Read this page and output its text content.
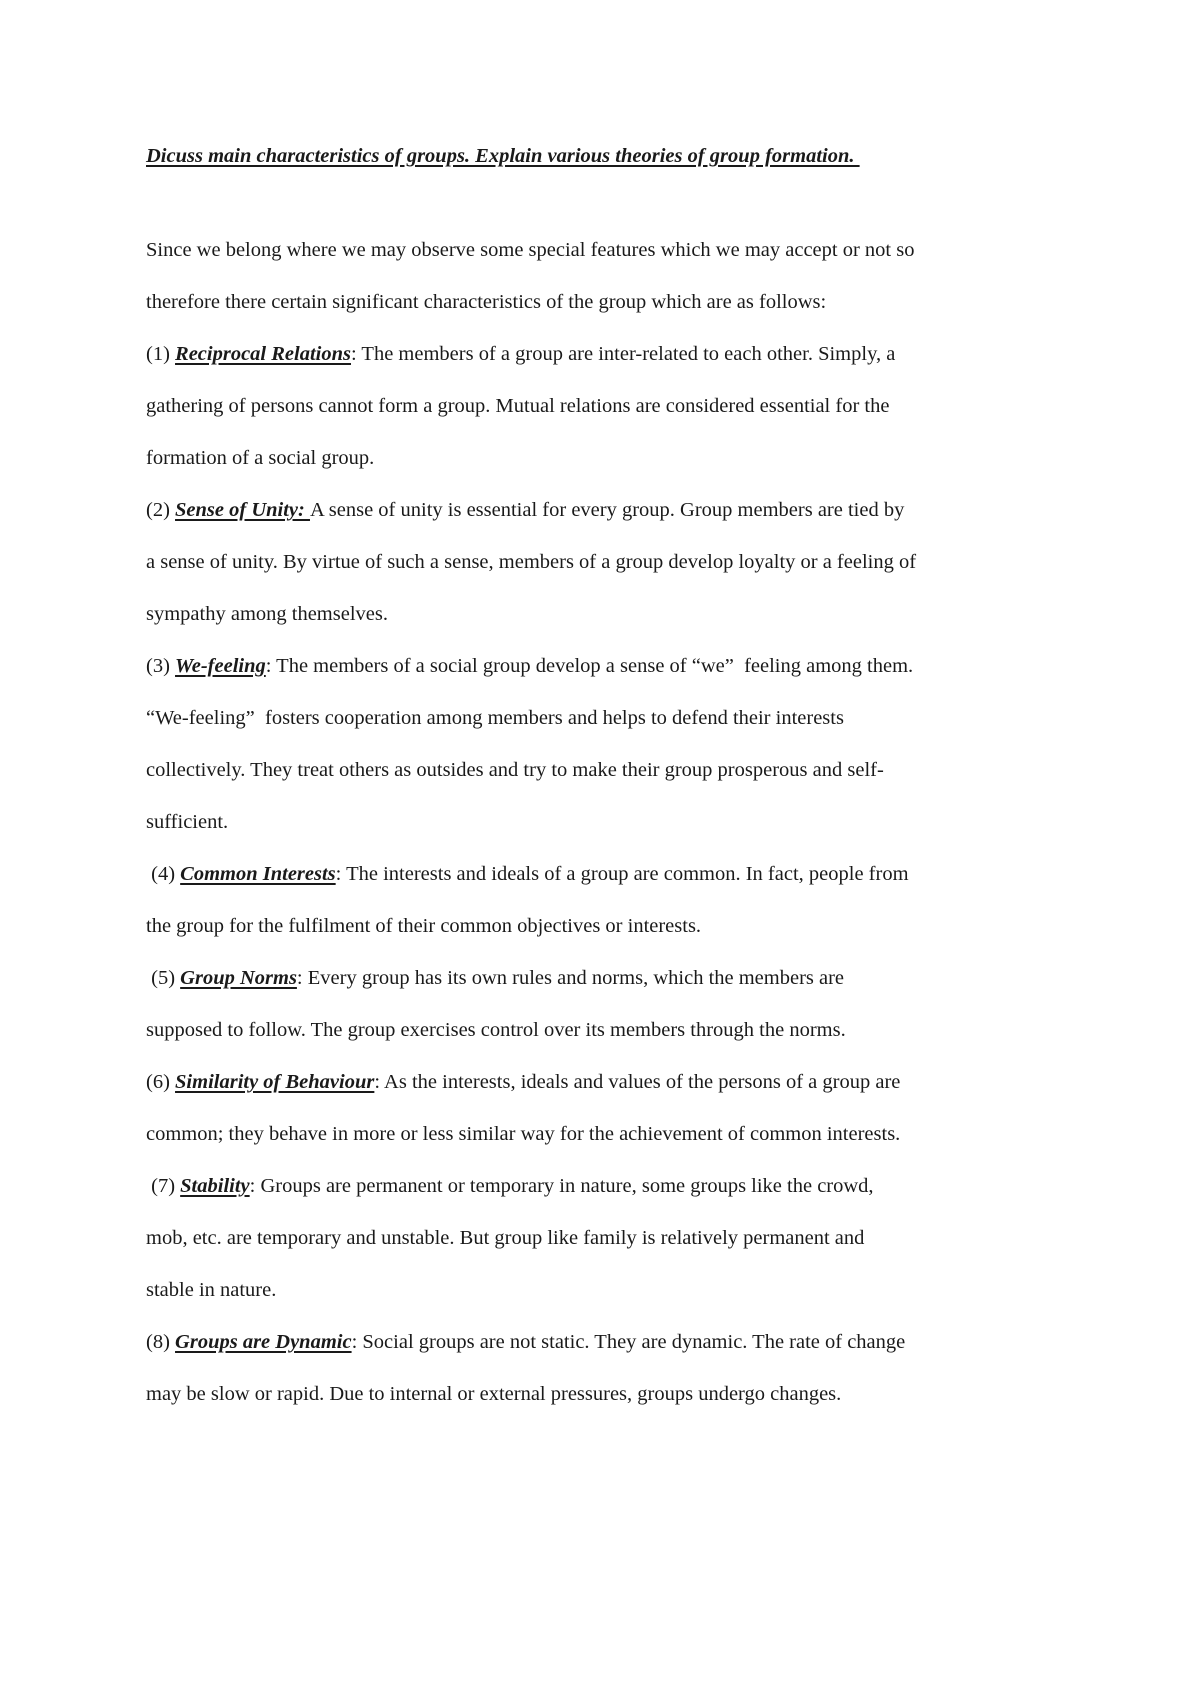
Dicuss main characteristics of groups. Explain various theories of group formation.
Since we belong where we may observe some special features which we may accept or not so
therefore there certain significant characteristics of the group which are as follows:
(1) Reciprocal Relations: The members of a group are inter-related to each other. Simply, a
gathering of persons cannot form a group. Mutual relations are considered essential for the
formation of a social group.
(2) Sense of Unity: A sense of unity is essential for every group. Group members are tied by
a sense of unity. By virtue of such a sense, members of a group develop loyalty or a feeling of
sympathy among themselves.
(3) We-feeling: The members of a social group develop a sense of “we”  feeling among them.
“We-feeling”  fosters cooperation among members and helps to defend their interests
collectively. They treat others as outsides and try to make their group prosperous and self-
sufficient.
(4) Common Interests: The interests and ideals of a group are common. In fact, people from
the group for the fulfilment of their common objectives or interests.
(5) Group Norms: Every group has its own rules and norms, which the members are
supposed to follow. The group exercises control over its members through the norms.
(6) Similarity of Behaviour: As the interests, ideals and values of the persons of a group are
common; they behave in more or less similar way for the achievement of common interests.
(7) Stability: Groups are permanent or temporary in nature, some groups like the crowd,
mob, etc. are temporary and unstable. But group like family is relatively permanent and
stable in nature.
(8) Groups are Dynamic: Social groups are not static. They are dynamic. The rate of change
may be slow or rapid. Due to internal or external pressures, groups undergo changes.
